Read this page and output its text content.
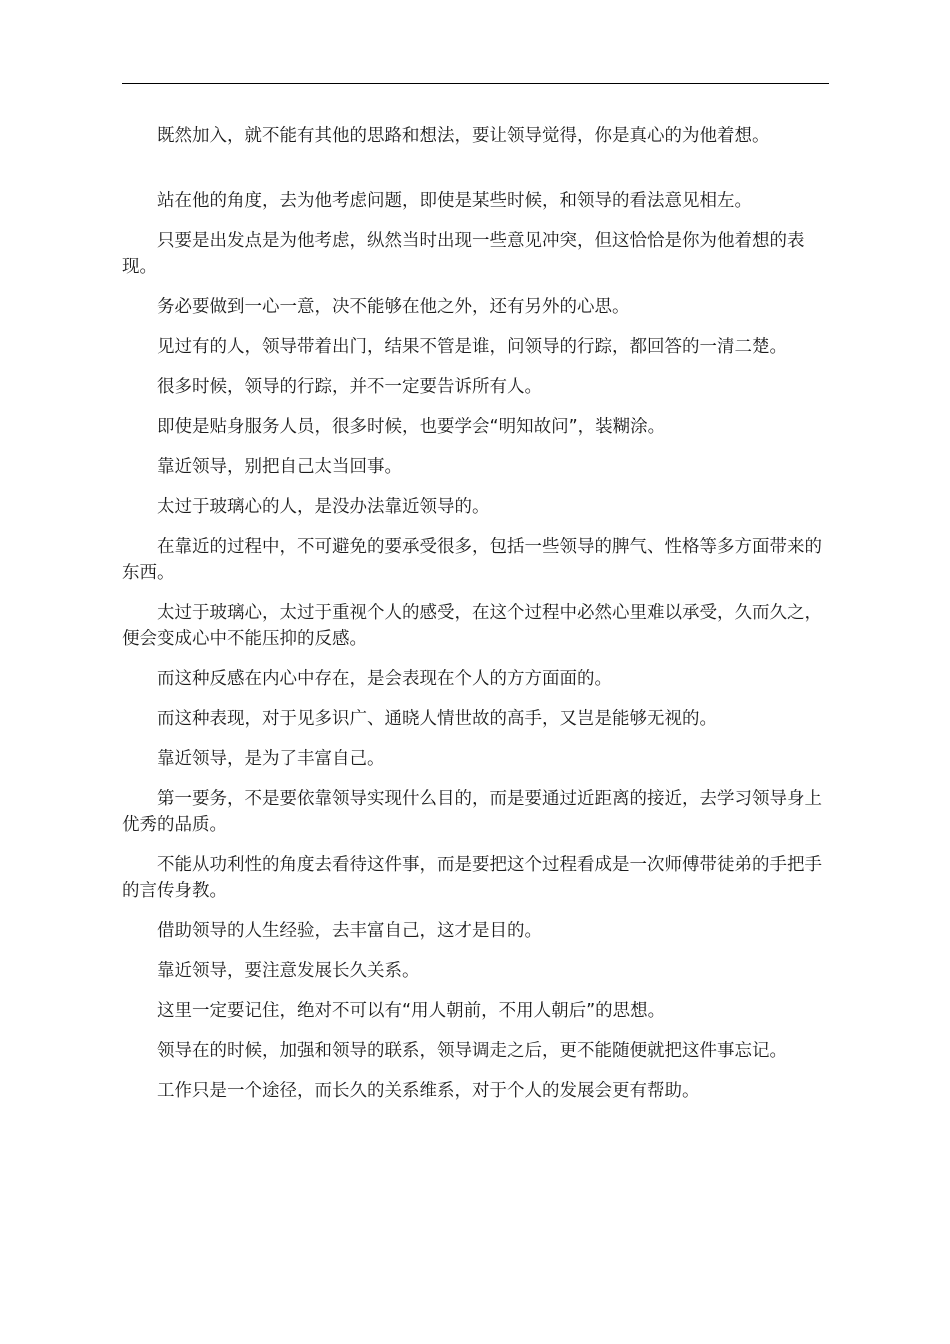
既然加入，就不能有其他的思路和想法，要让领导觉得，你是真心的为他着想。

站在他的角度，去为他考虑问题，即使是某些时候，和领导的看法意见相左。

只要是出发点是为他考虑，纵然当时出现一些意见冲突，但这恰恰是你为他着想的表现。

务必要做到一心一意，决不能够在他之外，还有另外的心思。

见过有的人，领导带着出门，结果不管是谁，问领导的行踪，都回答的一清二楚。

很多时候，领导的行踪，并不一定要告诉所有人。

即使是贴身服务人员，很多时候，也要学会“明知故问”，装糊涂。

靠近领导，别把自己太当回事。

太过于玻璃心的人，是没办法靠近领导的。

在靠近的过程中，不可避免的要承受很多，包括一些领导的脾气、性格等多方面带来的东西。

太过于玻璃心，太过于重视个人的感受，在这个过程中必然心里难以承受，久而久之，便会变成心中不能压抑的反感。

而这种反感在内心中存在，是会表现在个人的方方面面的。

而这种表现，对于见多识广、通晓人情世故的高手，又岂是能够无视的。

靠近领导，是为了丰富自己。

第一要务，不是要依靠领导实现什么目的，而是要通过近距离的接近，去学习领导身上优秀的品质。

不能从功利性的角度去看待这件事，而是要把这个过程看成是一次师傅带徒弟的手把手的言传身教。

借助领导的人生经验，去丰富自己，这才是目的。

靠近领导，要注意发展长久关系。

这里一定要记住，绝对不可以有“用人朝前，不用人朝后”的思想。

领导在的时候，加强和领导的联系，领导调走之后，更不能随便就把这件事忘记。

工作只是一个途径，而长久的关系维系，对于个人的发展会更有帮助。
